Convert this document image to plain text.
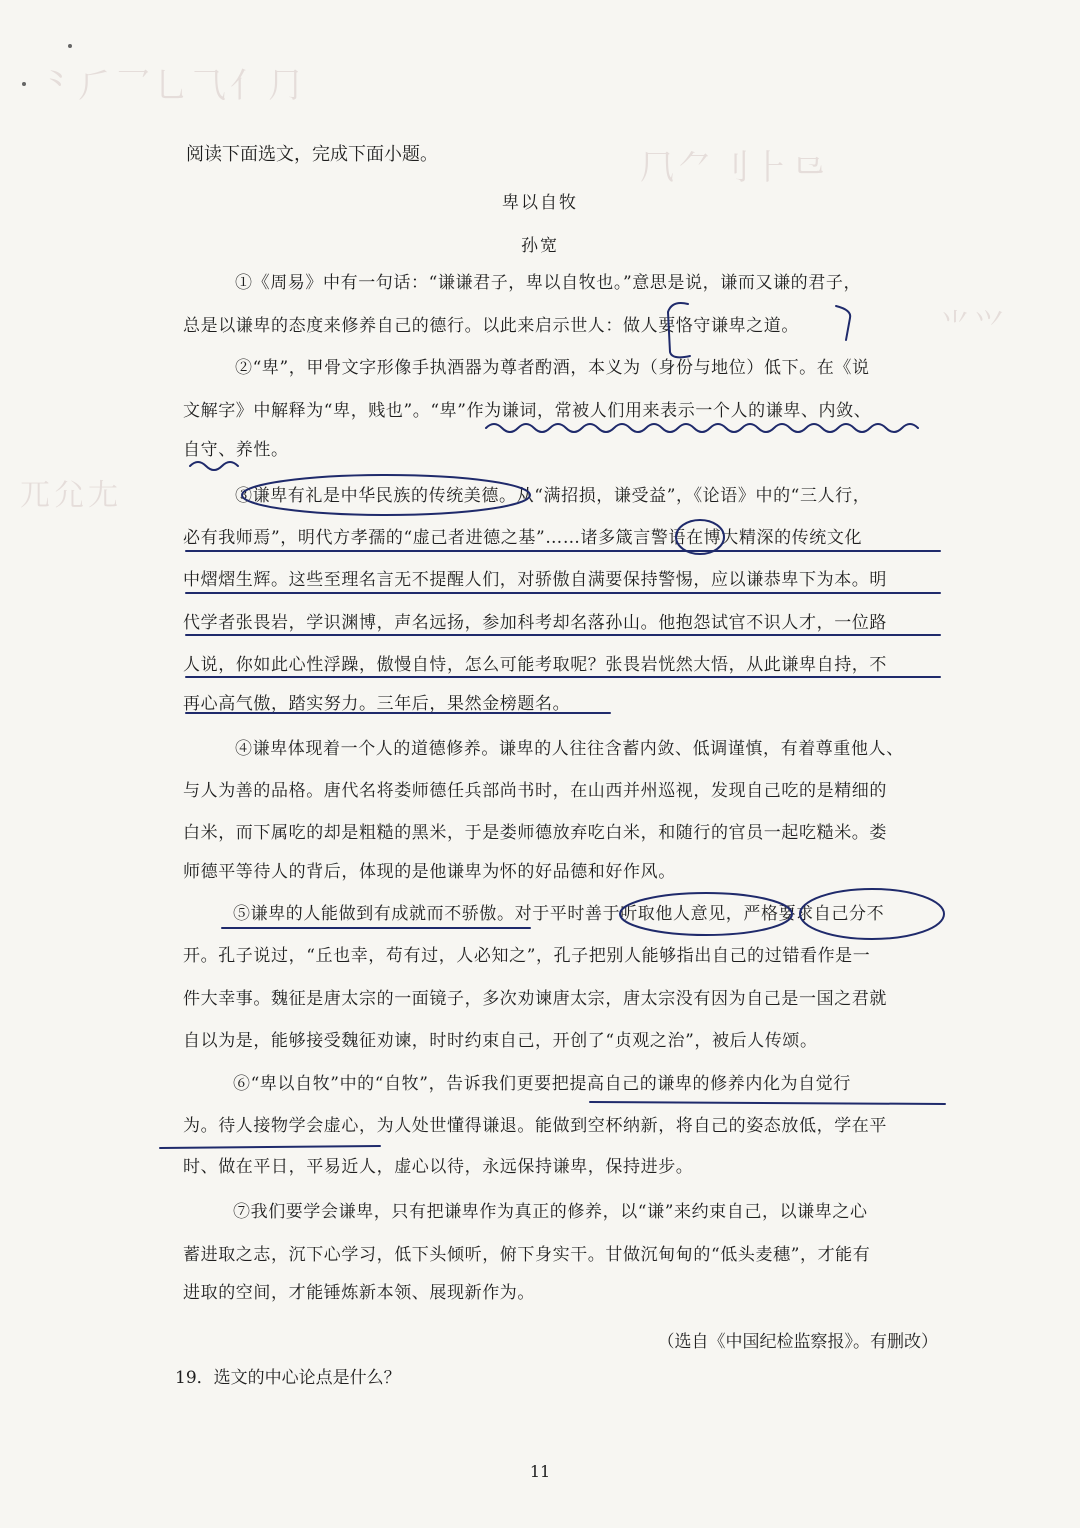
⺀⺁⺂⺃⺄⺅⺆
⺇⺈⺉⺊⺋
⺌⺍
⺎⺏⺐
阅读下面选文，完成下面小题。
卑以自牧
孙宽
①《周易》中有一句话：“谦谦君子，卑以自牧也。”意思是说，谦而又谦的君子，
总是以谦卑的态度来修养自己的德行。以此来启示世人：做人要恪守谦卑之道。
②“卑”，甲骨文字形像手执酒器为尊者酌酒，本义为（身份与地位）低下。在《说
文解字》中解释为“卑，贱也”。“卑”作为谦词，常被人们用来表示一个人的谦卑、内敛、
自守、养性。
③谦卑有礼是中华民族的传统美德。从“满招损，谦受益”，《论语》中的“三人行，
必有我师焉”，明代方孝孺的“虚己者进德之基”……诸多箴言警语在博大精深的传统文化
中熠熠生辉。这些至理名言无不提醒人们，对骄傲自满要保持警惕，应以谦恭卑下为本。明
代学者张畏岩，学识渊博，声名远扬，参加科考却名落孙山。他抱怨试官不识人才，一位路
人说，你如此心性浮躁，傲慢自恃，怎么可能考取呢？张畏岩恍然大悟，从此谦卑自持，不
再心高气傲，踏实努力。三年后，果然金榜题名。
④谦卑体现着一个人的道德修养。谦卑的人往往含蓄内敛、低调谨慎，有着尊重他人、
与人为善的品格。唐代名将娄师德任兵部尚书时，在山西并州巡视，发现自己吃的是精细的
白米，而下属吃的却是粗糙的黑米，于是娄师德放弃吃白米，和随行的官员一起吃糙米。娄
师德平等待人的背后，体现的是他谦卑为怀的好品德和好作风。
⑤谦卑的人能做到有成就而不骄傲。对于平时善于听取他人意见，严格要求自己分不
开。孔子说过，“丘也幸，苟有过，人必知之”，孔子把别人能够指出自己的过错看作是一
件大幸事。魏征是唐太宗的一面镜子，多次劝谏唐太宗，唐太宗没有因为自己是一国之君就
自以为是，能够接受魏征劝谏，时时约束自己，开创了“贞观之治”，被后人传颂。
⑥“卑以自牧”中的“自牧”，告诉我们更要把提高自己的谦卑的修养内化为自觉行
为。待人接物学会虚心，为人处世懂得谦退。能做到空杯纳新，将自己的姿态放低，学在平
时、做在平日，平易近人，虚心以待，永远保持谦卑，保持进步。
⑦我们要学会谦卑，只有把谦卑作为真正的修养，以“谦”来约束自己，以谦卑之心
蓄进取之志，沉下心学习，低下头倾听，俯下身实干。甘做沉甸甸的“低头麦穗”，才能有
进取的空间，才能锤炼新本领、展现新作为。
（选自《中国纪检监察报》。有删改）
19．选文的中心论点是什么？
11
